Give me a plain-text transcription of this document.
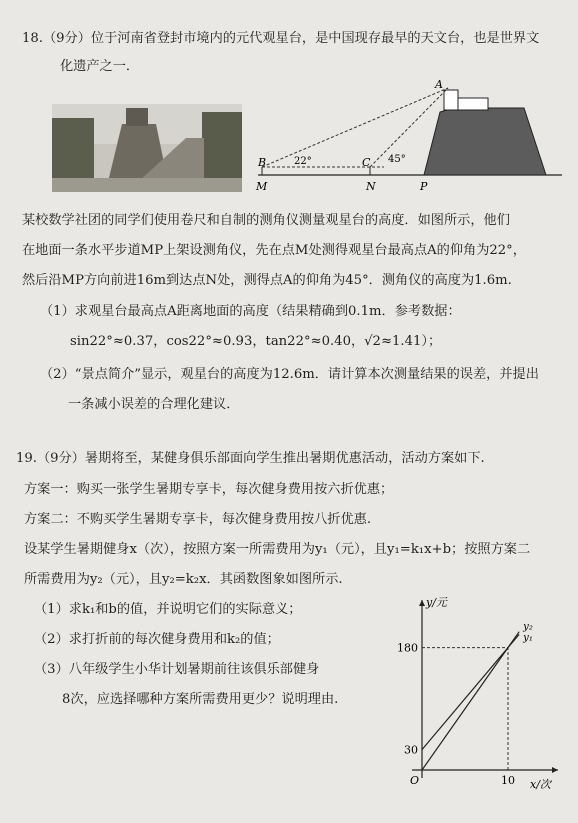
18.（9分）位于河南省登封市境内的元代观星台，是中国现存最早的天文台，也是世界文
化遗产之一．
A
B	C
M	N	P
22°	45°
某校数学社团的同学们使用卷尺和自制的测角仪测量观星台的高度．如图所示，他们
在地面一条水平步道MP上架设测角仪，先在点M处测得观星台最高点A的仰角为22°，
然后沿MP方向前进16m到达点N处，测得点A的仰角为45°．测角仪的高度为1.6m.
（1）求观星台最高点A距离地面的高度（结果精确到0.1m．参考数据：
sin22°≈0.37，cos22°≈0.93，tan22°≈0.40，√2≈1.41）；
（2）“景点简介”显示，观星台的高度为12.6m．请计算本次测量结果的误差，并提出
一条减小误差的合理化建议．
19.（9分）暑期将至，某健身俱乐部面向学生推出暑期优惠活动，活动方案如下.
方案一：购买一张学生暑期专享卡，每次健身费用按六折优惠；
方案二：不购买学生暑期专享卡，每次健身费用按八折优惠.
设某学生暑期健身x（次），按照方案一所需费用为y₁（元），且y₁=k₁x+b；按照方案二
所需费用为y₂（元），且y₂=k₂x．其函数图象如图所示.
（1）求k₁和b的值，并说明它们的实际意义；
（2）求打折前的每次健身费用和k₂的值；
（3）八年级学生小华计划暑期前往该俱乐部健身
8次，应选择哪种方案所需费用更少？说明理由.
x/次
y/元
O
30
180
10
y₁
y₂
